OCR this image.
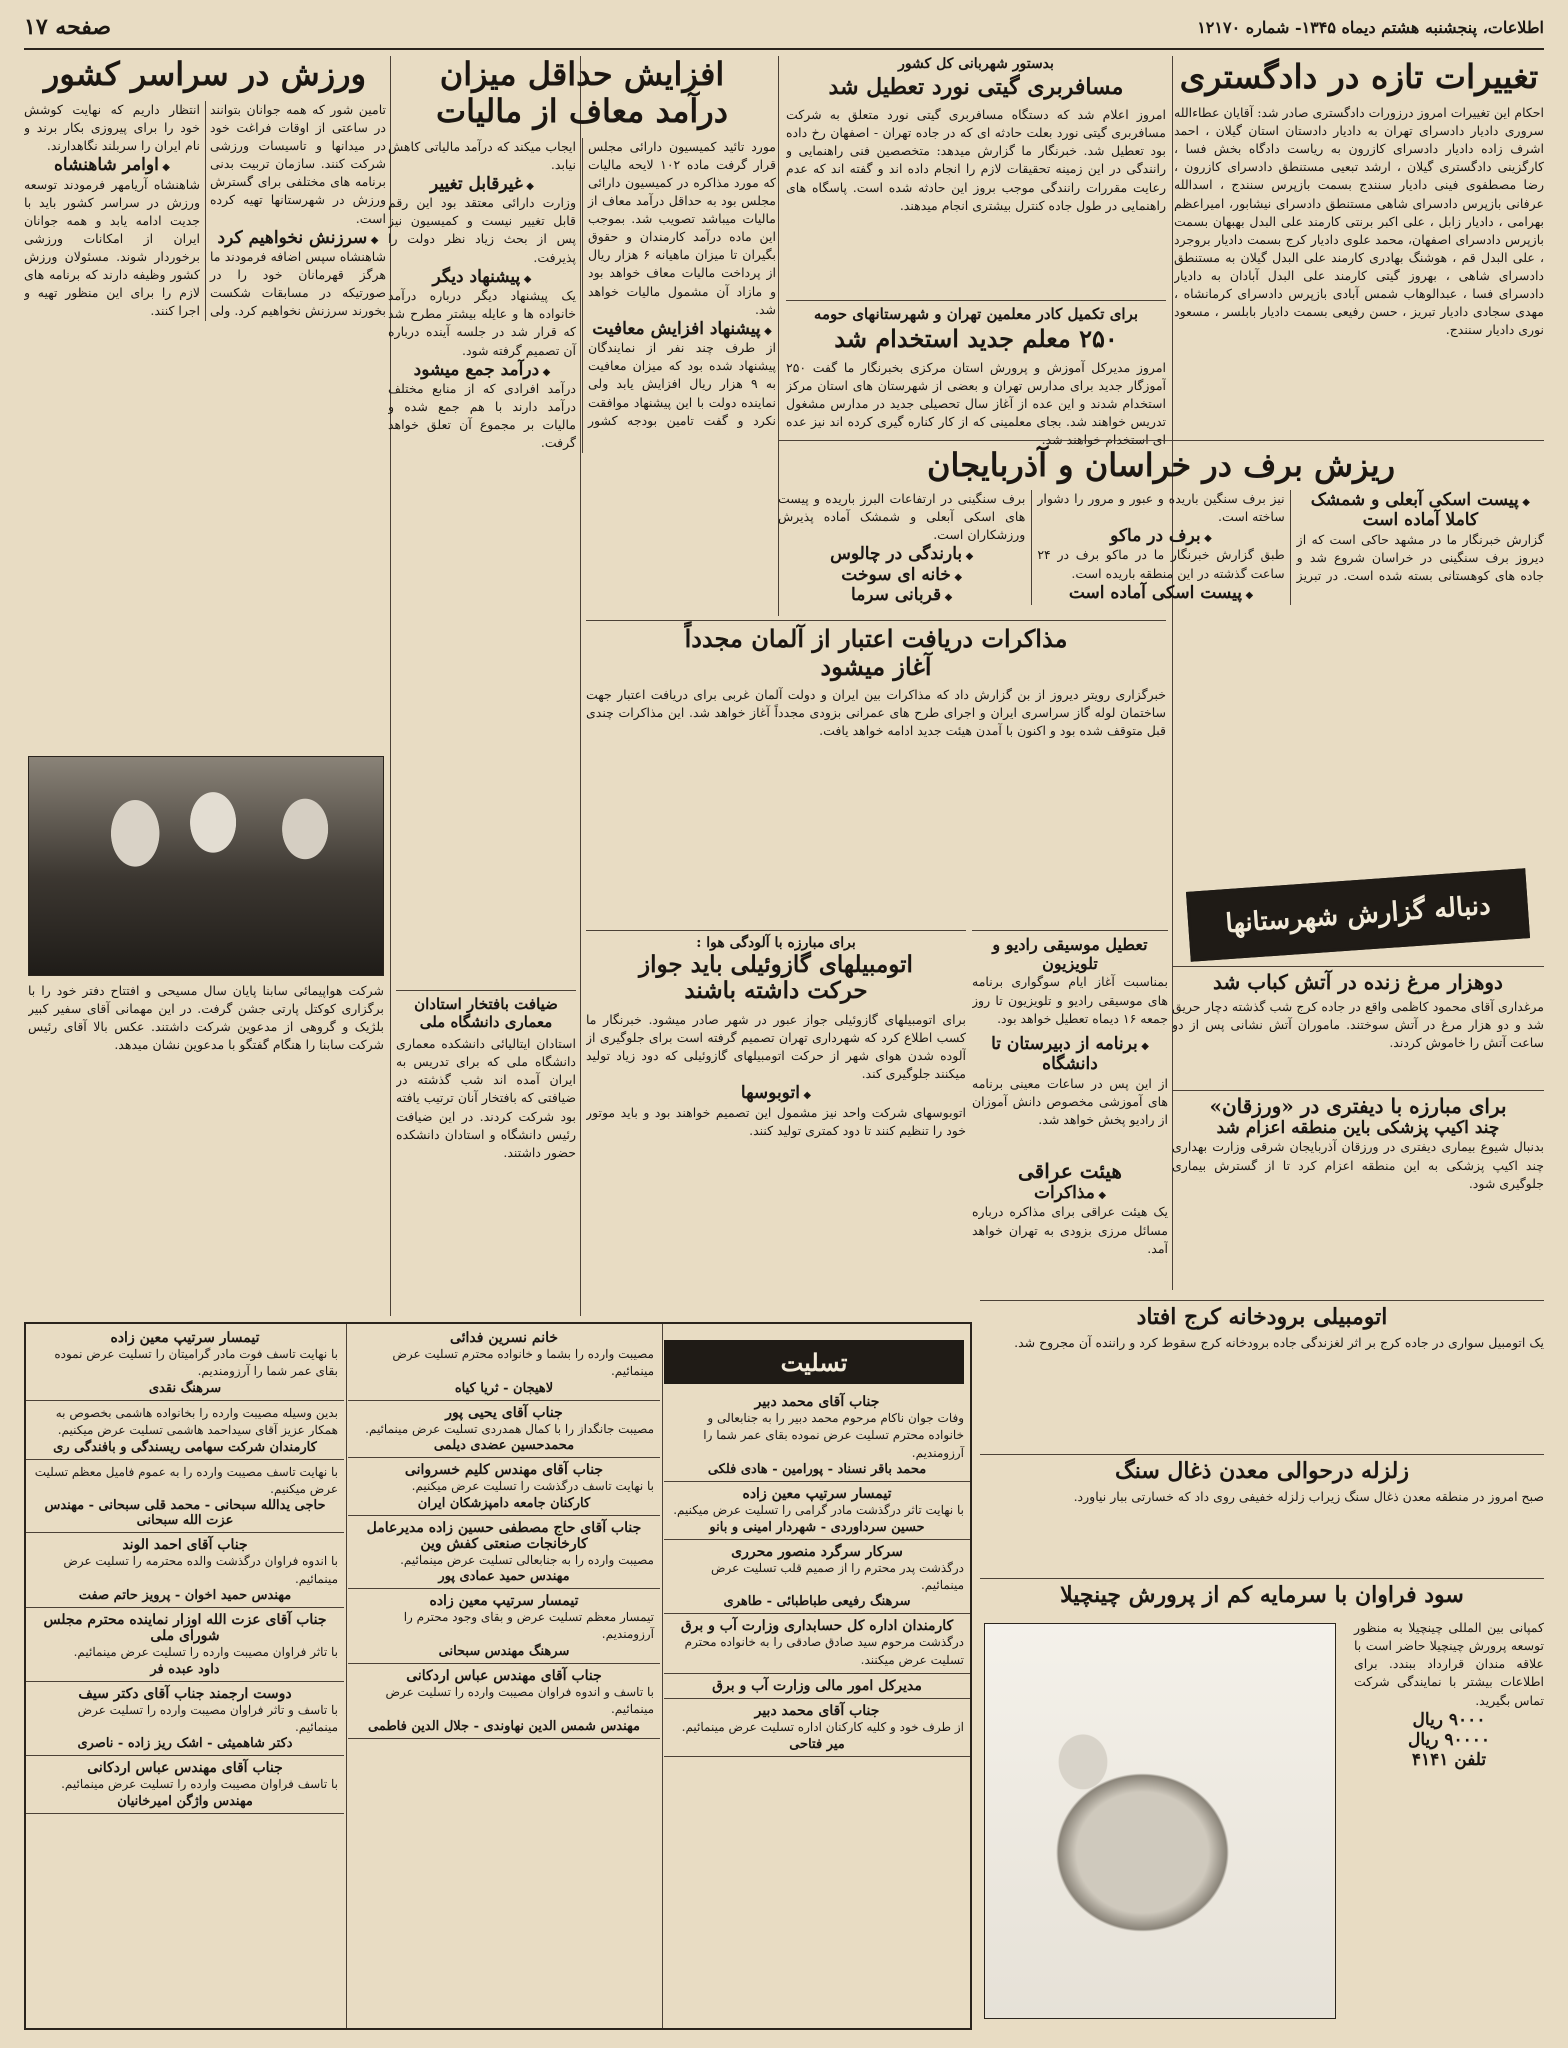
اطلاعات، پنجشنبه هشتم دیماه ۱۳۴۵- شماره ۱۲۱۷۰
صفحه ۱۷
تغییرات تازه در دادگستری
احکام این تغییرات امروز درزورات دادگستری صادر شد: آقایان عطاءالله سروری دادیار دادسرای تهران به دادیار دادستان استان گیلان ، احمد اشرف زاده دادیار دادسرای کازرون به ریاست دادگاه بخش فسا ، کارگزینی دادگستری گیلان ، ارشد تبعیی مستنطق دادسرای کازرون ، رضا مصطفوی فینی دادیار سنندج بسمت بازپرس سنندج ، اسدالله عرفانی بازپرس دادسرای شاهی مستنطق دادسرای نیشابور، امیراعظم بهرامی ، دادیار زابل ، علی اکبر برنتی کارمند علی البدل بهبهان بسمت بازپرس دادسرای اصفهان، محمد علوی دادیار کرج بسمت دادیار بروجرد ، علی البدل قم ، هوشنگ بهادری کارمند علی البدل گیلان به مستنطق دادسرای شاهی ، بهروز گیتی کارمند علی البدل آبادان به دادیار دادسرای فسا ، عبدالوهاب شمس آبادی بازپرس دادسرای کرمانشاه ، مهدی سجادی دادیار تبریز ، حسن رفیعی بسمت دادیار بابلسر ، مسعود نوری دادیار سنندج.
بدستور شهربانی کل کشور
مسافربری گیتی نورد تعطیل شد
امروز اعلام شد که دستگاه مسافربری گیتی نورد متعلق به شرکت مسافربری گیتی نورد بعلت حادثه ای که در جاده تهران - اصفهان رخ داده بود تعطیل شد. خبرنگار ما گزارش میدهد: متخصصین فنی راهنمایی و رانندگی در این زمینه تحقیقات لازم را انجام داده اند و گفته اند که عدم رعایت مقررات رانندگی موجب بروز این حادثه شده است. پاسگاه های راهنمایی در طول جاده کنترل بیشتری انجام میدهند.
برای تکمیل کادر معلمین تهران و شهرستانهای حومه
۲۵۰ معلم جدید استخدام شد
امروز مدیرکل آموزش و پرورش استان مرکزی بخبرنگار ما گفت ۲۵۰ آموزگار جدید برای مدارس تهران و بعضی از شهرستان های استان مرکز استخدام شدند و این عده از آغاز سال تحصیلی جدید در مدارس مشغول تدریس خواهند شد. بجای معلمینی که از کار کناره گیری کرده اند نیز عده ای استخدام خواهند شد.
افزایش حداقل میزان
درآمد معاف از مالیات
مورد تائید کمیسیون دارائی مجلس قرار گرفت ماده ۱۰۲ لایحه مالیات که مورد مذاکره در کمیسیون دارائی مجلس بود به حداقل درآمد معاف از مالیات میباشد تصویب شد. بموجب این ماده درآمد کارمندان و حقوق بگیران تا میزان ماهیانه ۶ هزار ریال از پرداخت مالیات معاف خواهد بود و مازاد آن مشمول مالیات خواهد شد.
◆ پیشنهاد افزایش معافیت
از طرف چند نفر از نمایندگان پیشنهاد شده بود که میزان معافیت به ۹ هزار ریال افزایش یابد ولی نماینده دولت با این پیشنهاد موافقت نکرد و گفت تامین بودجه کشور ایجاب میکند که درآمد مالیاتی کاهش نیابد.
◆ غیرقابل تغییر
وزارت دارائی معتقد بود این رقم قابل تغییر نیست و کمیسیون نیز پس از بحث زیاد نظر دولت را پذیرفت.
◆ پیشنهاد دیگر
یک پیشنهاد دیگر درباره درآمد خانواده ها و عایله بیشتر مطرح شد که قرار شد در جلسه آینده درباره آن تصمیم گرفته شود.
◆ درآمد جمع میشود
درآمد افرادی که از منابع مختلف درآمد دارند با هم جمع شده و مالیات بر مجموع آن تعلق خواهد گرفت.
ورزش در سراسر کشور
تامین شور که همه جوانان بتوانند در ساعتی از اوقات فراغت خود در میدانها و تاسیسات ورزشی شرکت کنند. سازمان تربیت بدنی برنامه های مختلفی برای گسترش ورزش در شهرستانها تهیه کرده است.
◆ سرزنش نخواهیم کرد
شاهنشاه سپس اضافه فرمودند ما هرگز قهرمانان خود را در صورتیکه در مسابقات شکست بخورند سرزنش نخواهیم کرد. ولی انتظار داریم که نهایت کوشش خود را برای پیروزی بکار برند و نام ایران را سربلند نگاهدارند.
◆ اوامر شاهنشاه
شاهنشاه آریامهر فرمودند توسعه ورزش در سراسر کشور باید با جدیت ادامه یابد و همه جوانان ایران از امکانات ورزشی برخوردار شوند. مسئولان ورزش کشور وظیفه دارند که برنامه های لازم را برای این منظور تهیه و اجرا کنند.
شرکت هواپیمائی سابنا پایان سال مسیحی و افتتاح دفتر خود را با برگزاری کوکتل پارتی جشن گرفت. در این مهمانی آقای سفیر کبیر بلژیک و گروهی از مدعوین شرکت داشتند. عکس بالا آقای رئیس شرکت سابنا را هنگام گفتگو با مدعوین نشان میدهد.
مذاکرات دریافت اعتبار از آلمان مجدداً
آغاز میشود
خبرگزاری رویتر دیروز از بن گزارش داد که مذاکرات بین ایران و دولت آلمان غربی برای دریافت اعتبار جهت ساختمان لوله گاز سراسری ایران و اجرای طرح های عمرانی بزودی مجدداً آغاز خواهد شد. این مذاکرات چندی قبل متوقف شده بود و اکنون با آمدن هیئت جدید ادامه خواهد یافت.
ضیافت بافتخار استادان معماری دانشگاه ملی
استادان ایتالیائی دانشکده معماری دانشگاه ملی که برای تدریس به ایران آمده اند شب گذشته در ضیافتی که بافتخار آنان ترتیب یافته بود شرکت کردند. در این ضیافت رئیس دانشگاه و استادان دانشکده حضور داشتند.
برای مبارزه با آلودگی هوا :
اتومبیلهای گازوئیلی باید جواز
حرکت داشته باشند
برای اتومبیلهای گازوئیلی جواز عبور در شهر صادر میشود. خبرنگار ما کسب اطلاع کرد که شهرداری تهران تصمیم گرفته است برای جلوگیری از آلوده شدن هوای شهر از حرکت اتومبیلهای گازوئیلی که دود زیاد تولید میکنند جلوگیری کند.
◆ اتوبوسها
اتوبوسهای شرکت واحد نیز مشمول این تصمیم خواهند بود و باید موتور خود را تنظیم کنند تا دود کمتری تولید کنند.
تعطیل موسیقی رادیو و تلویزیون
بمناسبت آغاز ایام سوگواری برنامه های موسیقی رادیو و تلویزیون تا روز جمعه ۱۶ دیماه تعطیل خواهد بود.
◆ برنامه از دبیرستان تا دانشگاه
از این پس در ساعات معینی برنامه های آموزشی مخصوص دانش آموزان از رادیو پخش خواهد شد.
ریزش برف در خراسان و آذربایجان
◆ پیست اسکی آبعلی و شمشک کاملا آماده است
گزارش خبرنگار ما در مشهد حاکی است که از دیروز برف سنگینی در خراسان شروع شد و جاده های کوهستانی بسته شده است. در تبریز نیز برف سنگین باریده و عبور و مرور را دشوار ساخته است.
◆ برف در ماکو
طبق گزارش خبرنگار ما در ماکو برف در ۲۴ ساعت گذشته در این منطقه باریده است.
◆ پیست اسکی آماده است
برف سنگینی در ارتفاعات البرز باریده و پیست های اسکی آبعلی و شمشک آماده پذیرش ورزشکاران است.
◆ بارندگی در چالوس
◆ خانه ای سوخت
◆ قربانی سرما
دنباله گزارش شهرستانها
دوهزار مرغ زنده در آتش کباب شد
مرغداری آقای محمود کاظمی واقع در جاده کرج شب گذشته دچار حریق شد و دو هزار مرغ در آتش سوختند. ماموران آتش نشانی پس از دو ساعت آتش را خاموش کردند.
برای مبارزه با دیفتری در «ورزقان»
چند اکیپ پزشکی باین منطقه اعزام شد
بدنبال شیوع بیماری دیفتری در ورزقان آذربایجان شرقی وزارت بهداری چند اکیپ پزشکی به این منطقه اعزام کرد تا از گسترش بیماری جلوگیری شود.
هیئت عراقی
◆ مذاکرات
یک هیئت عراقی برای مذاکره درباره مسائل مرزی بزودی به تهران خواهد آمد.
تسلیت
جناب آقای محمد دبیر
وفات جوان ناکام مرحوم محمد دبیر را به جنابعالی و خانواده محترم تسلیت عرض نموده بقای عمر شما را آرزومندیم.
محمد باقر نسناد - پورامین - هادی فلکی
تیمسار سرتیپ معین زاده
با نهایت تاثر درگذشت مادر گرامی را تسلیت عرض میکنیم.
حسین سرداوردی - شهردار امینی و بانو
سرکار سرگرد منصور محرری
درگذشت پدر محترم را از صمیم قلب تسلیت عرض مینمائیم.
سرهنگ رفیعی طباطبائی - طاهری
کارمندان اداره کل حسابداری وزارت آب و برق
درگذشت مرحوم سید صادق صادقی را به خانواده محترم تسلیت عرض میکنند.
مدیرکل امور مالی وزارت آب و برق
جناب آقای محمد دبیر
از طرف خود و کلیه کارکنان اداره تسلیت عرض مینمائیم.
میر فتاحی
خانم نسرین فدائی
مصیبت وارده را بشما و خانواده محترم تسلیت عرض مینمائیم.
لاهیجان - ثریا کیاه
جناب آقای یحیی پور
مصیبت جانگداز را با کمال همدردی تسلیت عرض مینمائیم.
محمدحسین عضدی دیلمی
جناب آقای مهندس کلیم خسروانی
با نهایت تاسف درگذشت را تسلیت عرض میکنیم.
کارکنان جامعه دامپزشکان ایران
جناب آقای حاج مصطفی حسین زاده مدیرعامل کارخانجات صنعتی کفش وین
مصیبت وارده را به جنابعالی تسلیت عرض مینمائیم.
مهندس حمید عمادی پور
تیمسار سرتیپ معین زاده
تیمسار معظم تسلیت عرض و بقای وجود محترم را آرزومندیم.
سرهنگ مهندس سبحانی
جناب آقای مهندس عباس اردکانی
با تاسف و اندوه فراوان مصیبت وارده را تسلیت عرض مینمائیم.
مهندس شمس الدین نهاوندی - جلال الدین فاطمی
تیمسار سرتیپ معین زاده
با نهایت تاسف فوت مادر گرامیتان را تسلیت عرض نموده بقای عمر شما را آرزومندیم.
سرهنگ نقدی
بدین وسیله مصیبت وارده را بخانواده هاشمی بخصوص به همکار عزیز آقای سیداحمد هاشمی تسلیت عرض میکنیم.
کارمندان شرکت سهامی ریسندگی و بافندگی ری
با نهایت تاسف مصیبت وارده را به عموم فامیل معظم تسلیت عرض میکنیم.
حاجی یدالله سبحانی - محمد قلی سبحانی - مهندس عزت الله سبحانی
جناب آقای احمد الوند
با اندوه فراوان درگذشت والده محترمه را تسلیت عرض مینمائیم.
مهندس حمید اخوان - پرویز حاتم صفت
جناب آقای عزت الله اوزار نماینده محترم مجلس شورای ملی
با تاثر فراوان مصیبت وارده را تسلیت عرض مینمائیم.
داود عبده فر
دوست ارجمند جناب آقای دکتر سیف
با تاسف و تاثر فراوان مصیبت وارده را تسلیت عرض مینمائیم.
دکتر شاهمیثی - اشک ریز زاده - ناصری
جناب آقای مهندس عباس اردکانی
با تاسف فراوان مصیبت وارده را تسلیت عرض مینمائیم.
مهندس واژگن امیرخانیان
اتومبیلی برودخانه کرج افتاد
یک اتومبیل سواری در جاده کرج بر اثر لغزندگی جاده برودخانه کرج سقوط کرد و راننده آن مجروح شد.
زلزله درحوالی معدن ذغال سنگ
صبح امروز در منطقه معدن ذغال سنگ زیراب زلزله خفیفی روی داد که خسارتی ببار نیاورد.
سود فراوان با سرمایه کم از پرورش چینچیلا
کمپانی بین المللی چینچیلا به منظور توسعه پرورش چینچیلا حاضر است با علاقه مندان قرارداد ببندد. برای اطلاعات بیشتر با نمایندگی شرکت تماس بگیرید.
۹۰۰۰ ریال
۹۰۰۰۰ ریال
تلفن ۴۱۴۱
